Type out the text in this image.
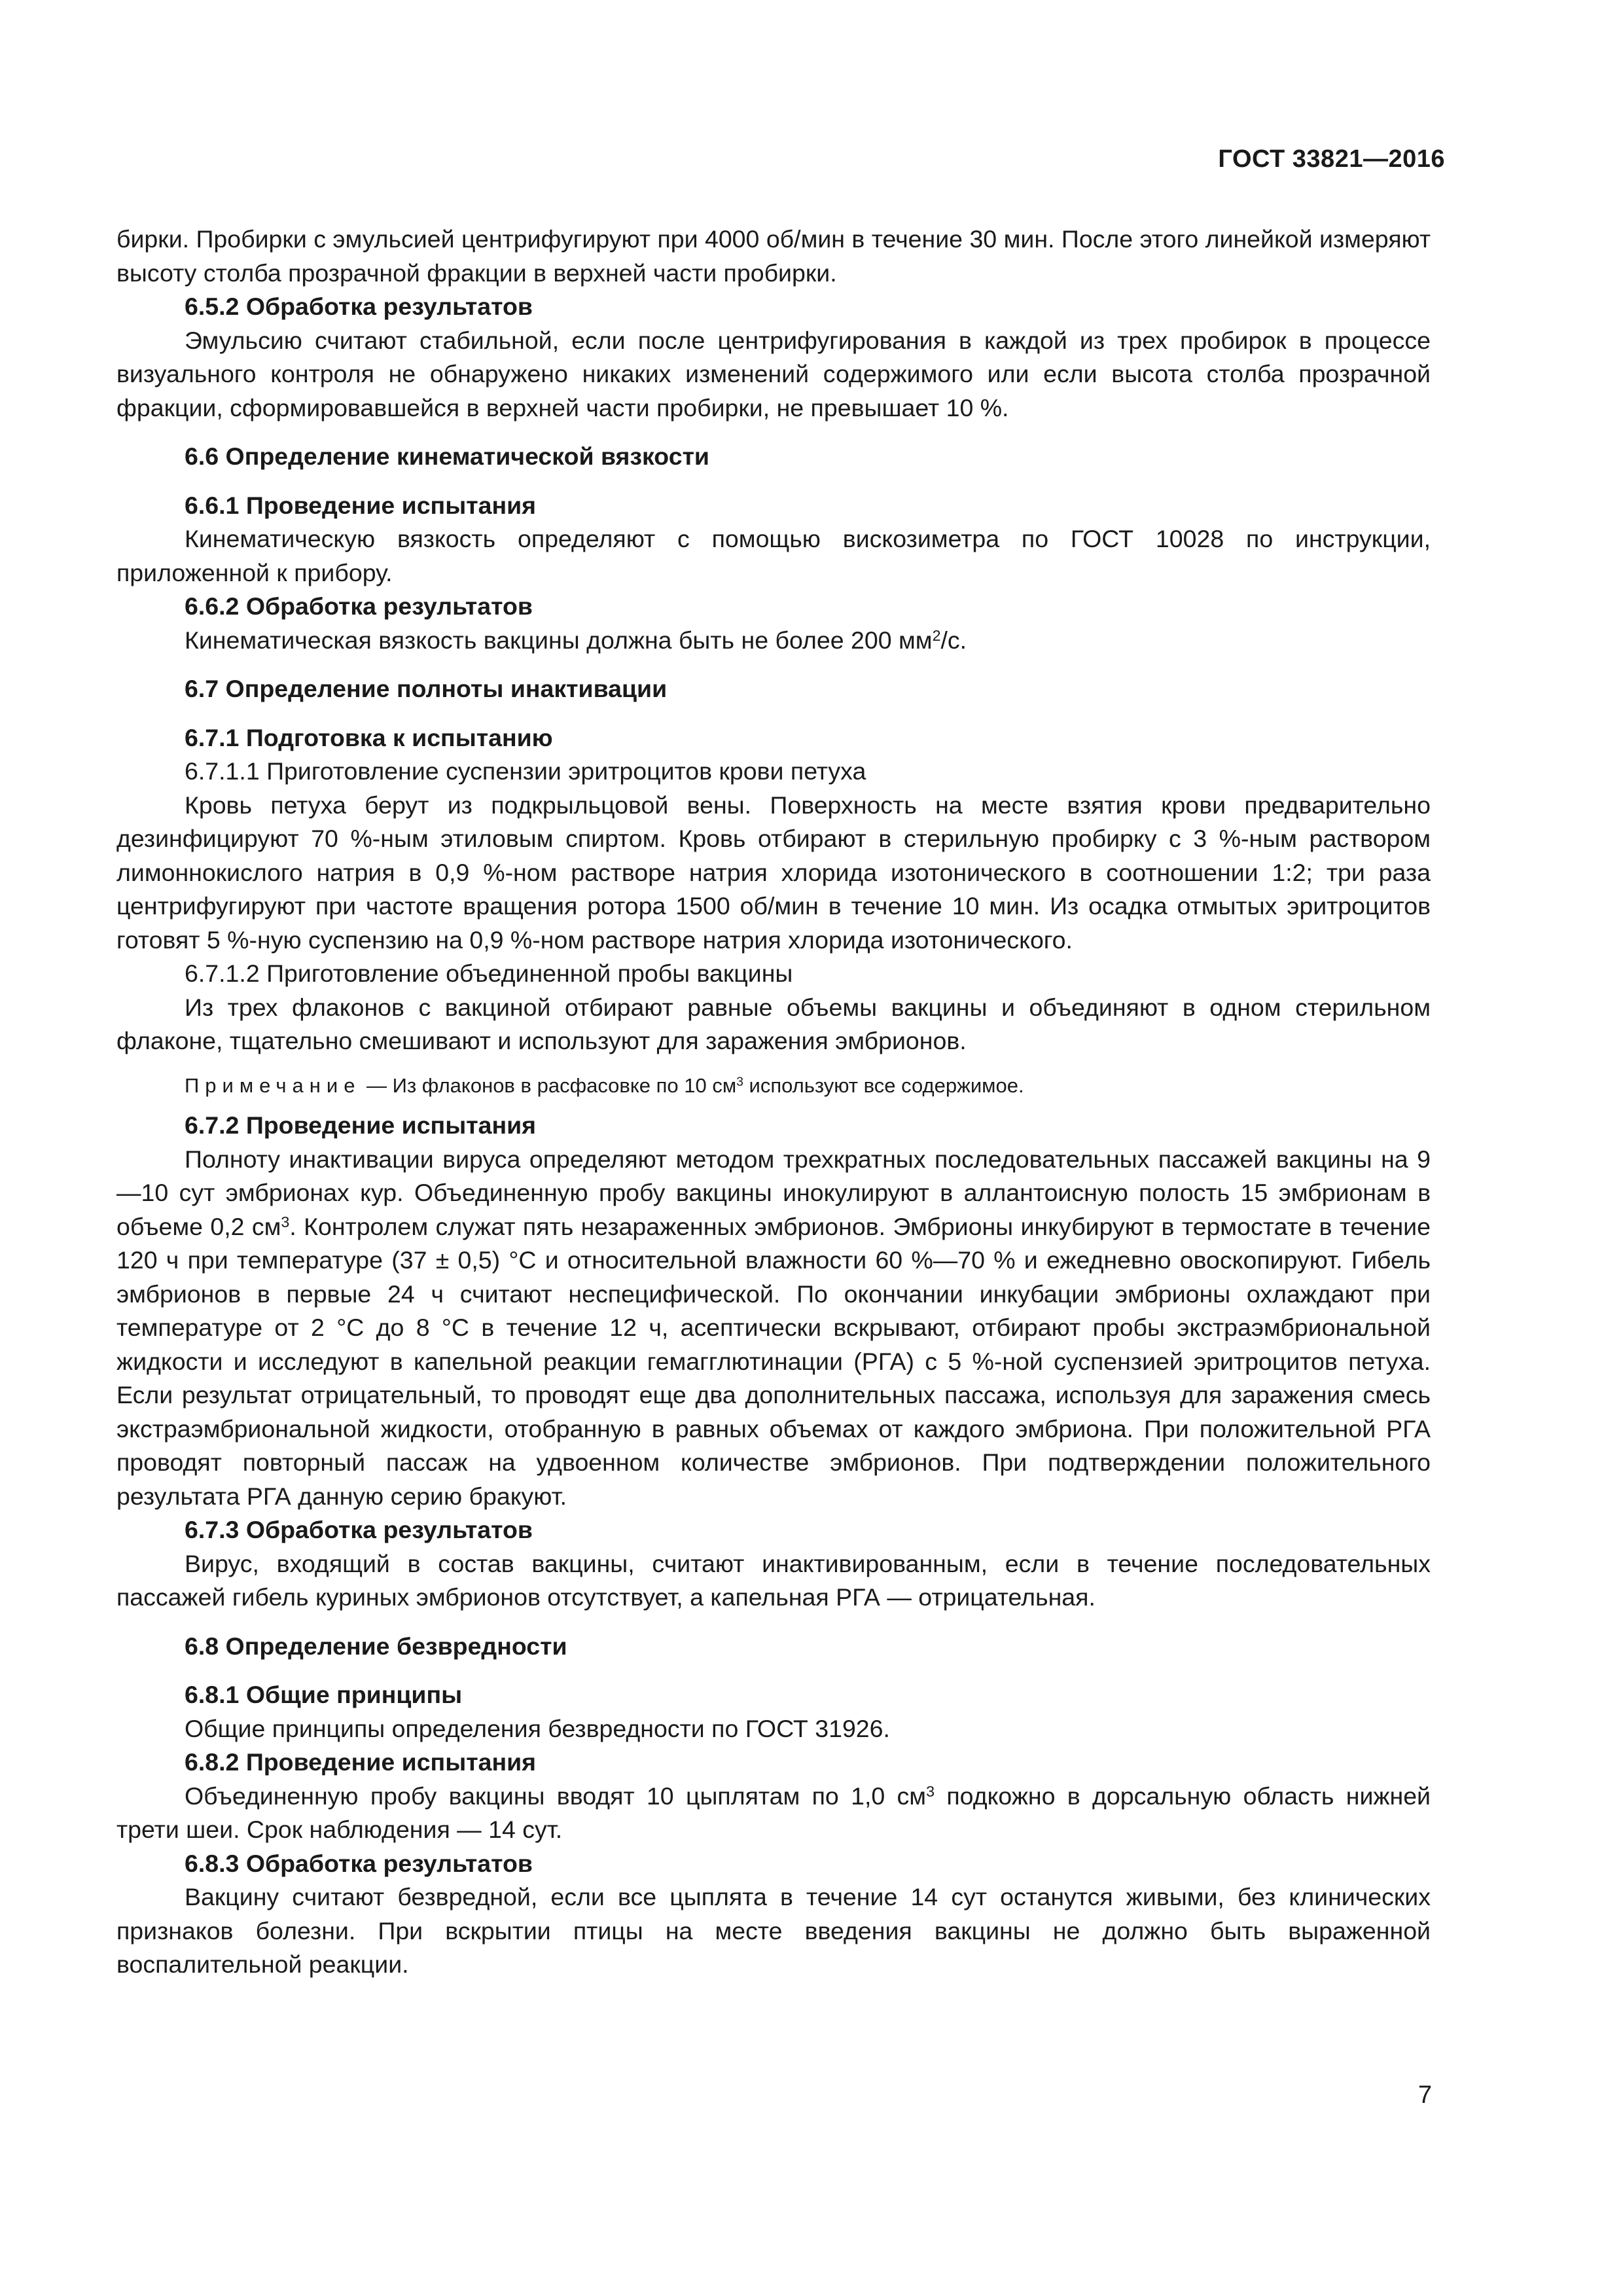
ГОСТ 33821—2016

бирки. Пробирки с эмульсией центрифугируют при 4000 об/мин в течение 30 мин. После этого линейкой измеряют высоту столба прозрачной фракции в верхней части пробирки.

6.5.2 Обработка результатов

Эмульсию считают стабильной, если после центрифугирования в каждой из трех пробирок в процессе визуального контроля не обнаружено никаких изменений содержимого или если высота столба прозрачной фракции, сформировавшейся в верхней части пробирки, не превышает 10 %.

6.6 Определение кинематической вязкости

6.6.1 Проведение испытания

Кинематическую вязкость определяют с помощью вискозиметра по ГОСТ 10028 по инструкции, приложенной к прибору.

6.6.2 Обработка результатов

Кинематическая вязкость вакцины должна быть не более 200 $мм^2/с$.

6.7 Определение полноты инактивации

6.7.1 Подготовка к испытанию

6.7.1.1 Приготовление суспензии эритроцитов крови петуха

Кровь петуха берут из подкрыльцовой вены. Поверхность на месте взятия крови предварительно дезинфицируют 70 %-ным этиловым спиртом. Кровь отбирают в стерильную пробирку с 3 %-ным раствором лимоннокислого натрия в 0,9 %-ном растворе натрия хлорида изотонического в соотношении 1:2; три раза центрифугируют при частоте вращения ротора 1500 об/мин в течение 10 мин. Из осадка отмытых эритроцитов готовят 5 %-ную суспензию на 0,9 %-ном растворе натрия хлорида изотонического.

6.7.1.2 Приготовление объединенной пробы вакцины

Из трех флаконов с вакциной отбирают равные объемы вакцины и объединяют в одном стерильном флаконе, тщательно смешивают и используют для заражения эмбрионов.

Примечание — Из флаконов в расфасовке по 10 $см^3$ используют все содержимое.

6.7.2 Проведение испытания

Полноту инактивации вируса определяют методом трехкратных последовательных пассажей вакцины на 9—10 сут эмбрионах кур. Объединенную пробу вакцины инокулируют в аллантоисную полость 15 эмбрионам в объеме 0,2 $см^3$. Контролем служат пять незараженных эмбрионов. Эмбрионы инкубируют в термостате в течение 120 ч при температуре (37 ± 0,5) °С и относительной влажности 60 %—70 % и ежедневно овоскопируют. Гибель эмбрионов в первые 24 ч считают неспецифической. По окончании инкубации эмбрионы охлаждают при температуре от 2 °С до 8 °С в течение 12 ч, асептически вскрывают, отбирают пробы экстраэмбриональной жидкости и исследуют в капельной реакции гемагглютинации (РГА) с 5 %-ной суспензией эритроцитов петуха. Если результат отрицательный, то проводят еще два дополнительных пассажа, используя для заражения смесь экстраэмбриональной жидкости, отобранную в равных объемах от каждого эмбриона. При положительной РГА проводят повторный пассаж на удвоенном количестве эмбрионов. При подтверждении положительного результата РГА данную серию бракуют.

6.7.3 Обработка результатов

Вирус, входящий в состав вакцины, считают инактивированным, если в течение последовательных пассажей гибель куриных эмбрионов отсутствует, а капельная РГА — отрицательная.

6.8 Определение безвредности

6.8.1 Общие принципы

Общие принципы определения безвредности по ГОСТ 31926.

6.8.2 Проведение испытания

Объединенную пробу вакцины вводят 10 цыплятам по 1,0 $см^3$ подкожно в дорсальную область нижней трети шеи. Срок наблюдения — 14 сут.

6.8.3 Обработка результатов

Вакцину считают безвредной, если все цыплята в течение 14 сут останутся живыми, без клинических признаков болезни. При вскрытии птицы на месте введения вакцины не должно быть выраженной воспалительной реакции.

7
